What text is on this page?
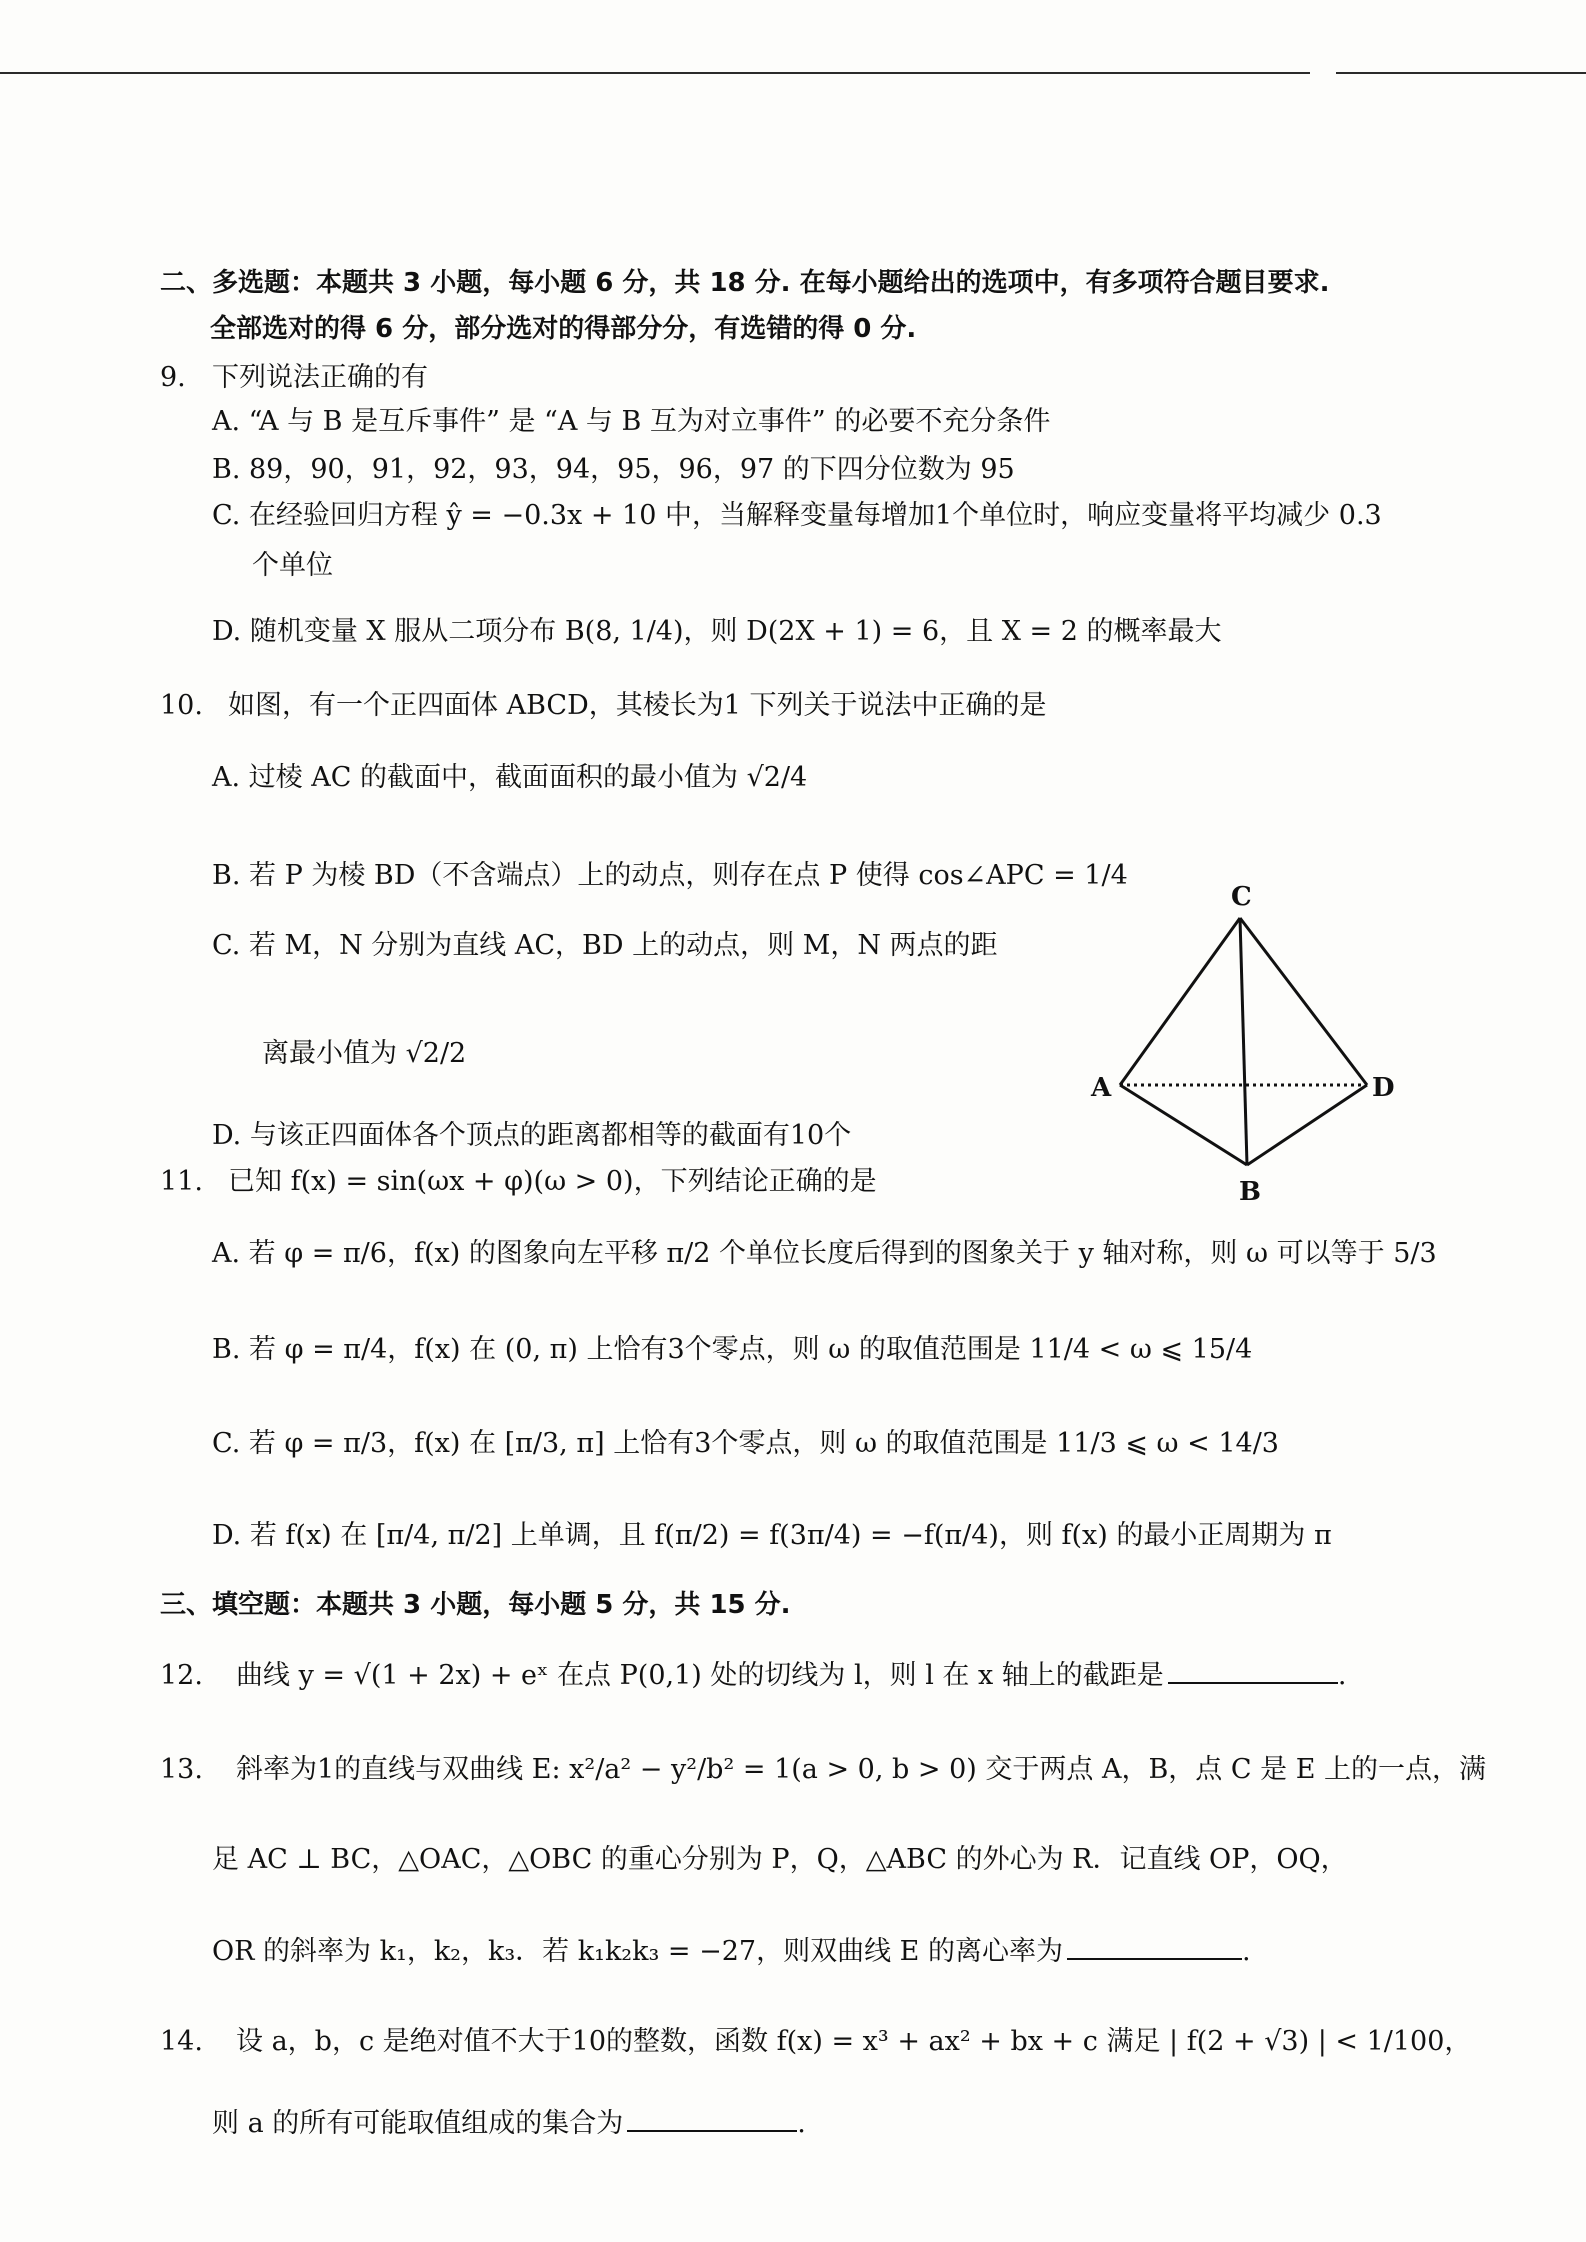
二、多选题：本题共 3 小题，每小题 6 分，共 18 分. 在每小题给出的选项中，有多项符合题目要求.
全部选对的得 6 分，部分选对的得部分分，有选错的得 0 分.
9. 下列说法正确的有
A. “A 与 B 是互斥事件” 是 “A 与 B 互为对立事件” 的必要不充分条件
B. 89，90，91，92，93，94，95，96，97 的下四分位数为 95
C. 在经验回归方程 ŷ = −0.3x + 10 中，当解释变量每增加1个单位时，响应变量将平均减少 0.3
个单位
D. 随机变量 X 服从二项分布 B(8, 1/4)，则 D(2X + 1) = 6，且 X = 2 的概率最大
10. 如图，有一个正四面体 ABCD，其棱长为1 下列关于说法中正确的是
A. 过棱 AC 的截面中，截面面积的最小值为 √2/4
B. 若 P 为棱 BD（不含端点）上的动点，则存在点 P 使得 cos∠APC = 1/4
C. 若 M，N 分别为直线 AC，BD 上的动点，则 M，N 两点的距
离最小值为 √2/2
D. 与该正四面体各个顶点的距离都相等的截面有10个
C
A	D
B
11. 已知 f(x) = sin(ωx + φ)(ω > 0)，下列结论正确的是
A. 若 φ = π/6，f(x) 的图象向左平移 π/2 个单位长度后得到的图象关于 y 轴对称，则 ω 可以等于 5/3
B. 若 φ = π/4，f(x) 在 (0, π) 上恰有3个零点，则 ω 的取值范围是 11/4 < ω ⩽ 15/4
C. 若 φ = π/3，f(x) 在 [π/3, π] 上恰有3个零点，则 ω 的取值范围是 11/3 ⩽ ω < 14/3
D. 若 f(x) 在 [π/4, π/2] 上单调，且 f(π/2) = f(3π/4) = −f(π/4)，则 f(x) 的最小正周期为 π
三、填空题：本题共 3 小题，每小题 5 分，共 15 分.
12. 曲线 y = √(1 + 2x) + eˣ 在点 P(0,1) 处的切线为 l，则 l 在 x 轴上的截距是	.
13. 斜率为1的直线与双曲线 E: x²/a² − y²/b² = 1(a > 0, b > 0) 交于两点 A，B，点 C 是 E 上的一点，满
足 AC ⊥ BC，△OAC，△OBC 的重心分别为 P，Q，△ABC 的外心为 R．记直线 OP，OQ，
OR 的斜率为 k₁，k₂，k₃．若 k₁k₂k₃ = −27，则双曲线 E 的离心率为	.
14. 设 a，b，c 是绝对值不大于10的整数，函数 f(x) = x³ + ax² + bx + c 满足 | f(2 + √3) | < 1/100，
则 a 的所有可能取值组成的集合为	.
